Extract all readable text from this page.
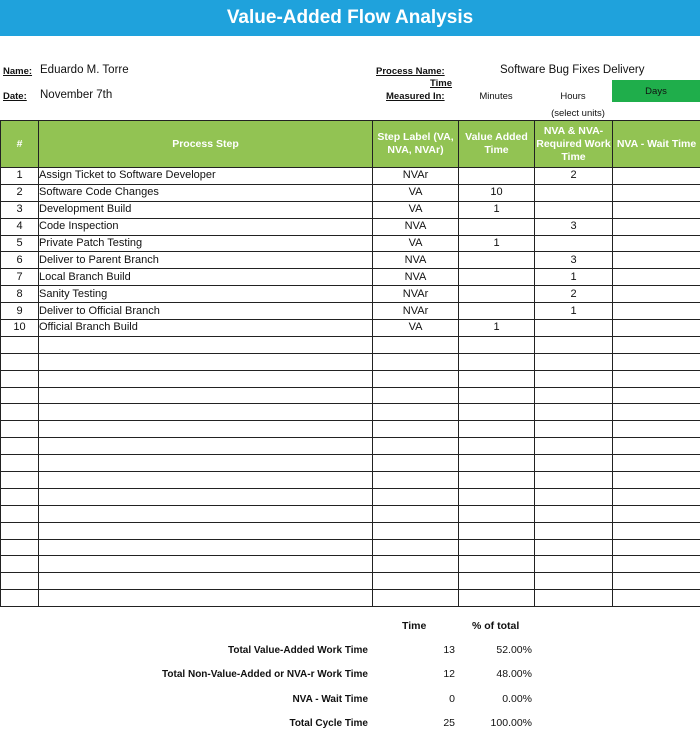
Value-Added Flow Analysis
Name: Eduardo M. Torre
Date: November 7th
Process Name:	Software Bug Fixes Delivery
Time
Measured In:	Minutes	Hours	Days
(select units)
#	Process Step	Step Label (VA, NVA, NVAr)	Value Added Time	NVA & NVA-Required Work Time	NVA - Wait Time
1	Assign Ticket to Software Developer	NVAr		2	
2	Software Code Changes	VA	10		
3	Development Build	VA	1		
4	Code Inspection	NVA		3	
5	Private Patch Testing	VA	1		
6	Deliver to Parent Branch	NVA		3	
7	Local Branch Build	NVA		1	
8	Sanity Testing	NVAr		2	
9	Deliver to Official Branch	NVAr		1	
10	Official Branch Build	VA	1		

Time	% of total
Total Value-Added Work Time	13	52.00%
Total Non-Value-Added or NVA-r Work Time	12	48.00%
NVA - Wait Time	0	0.00%
Total Cycle Time	25	100.00%
